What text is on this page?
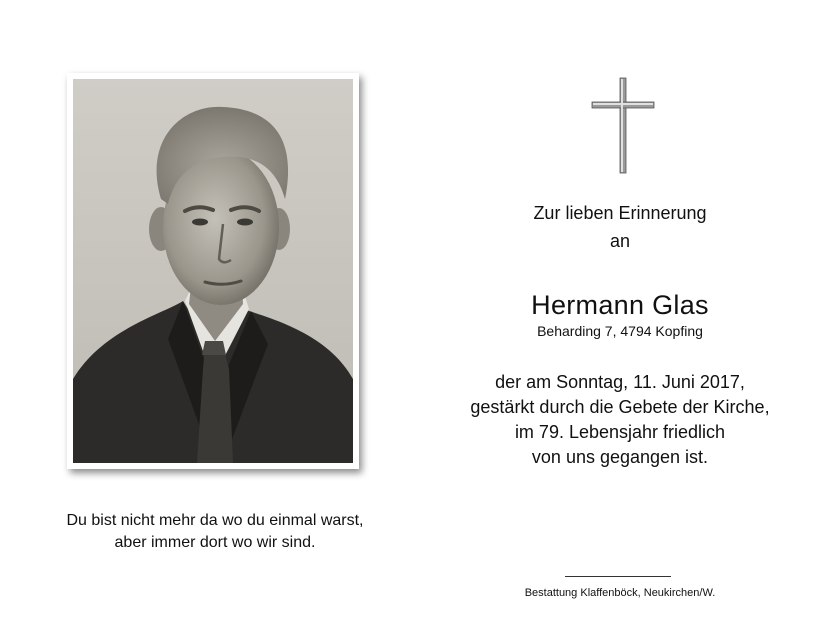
Du bist nicht mehr da wo du einmal warst,
aber immer dort wo wir sind.
Zur lieben Erinnerung
an
Hermann Glas
Beharding 7, 4794 Kopfing
der am Sonntag, 11. Juni 2017,
gestärkt durch die Gebete der Kirche,
im 79. Lebensjahr friedlich
von uns gegangen ist.
Bestattung Klaffenböck, Neukirchen/W.
